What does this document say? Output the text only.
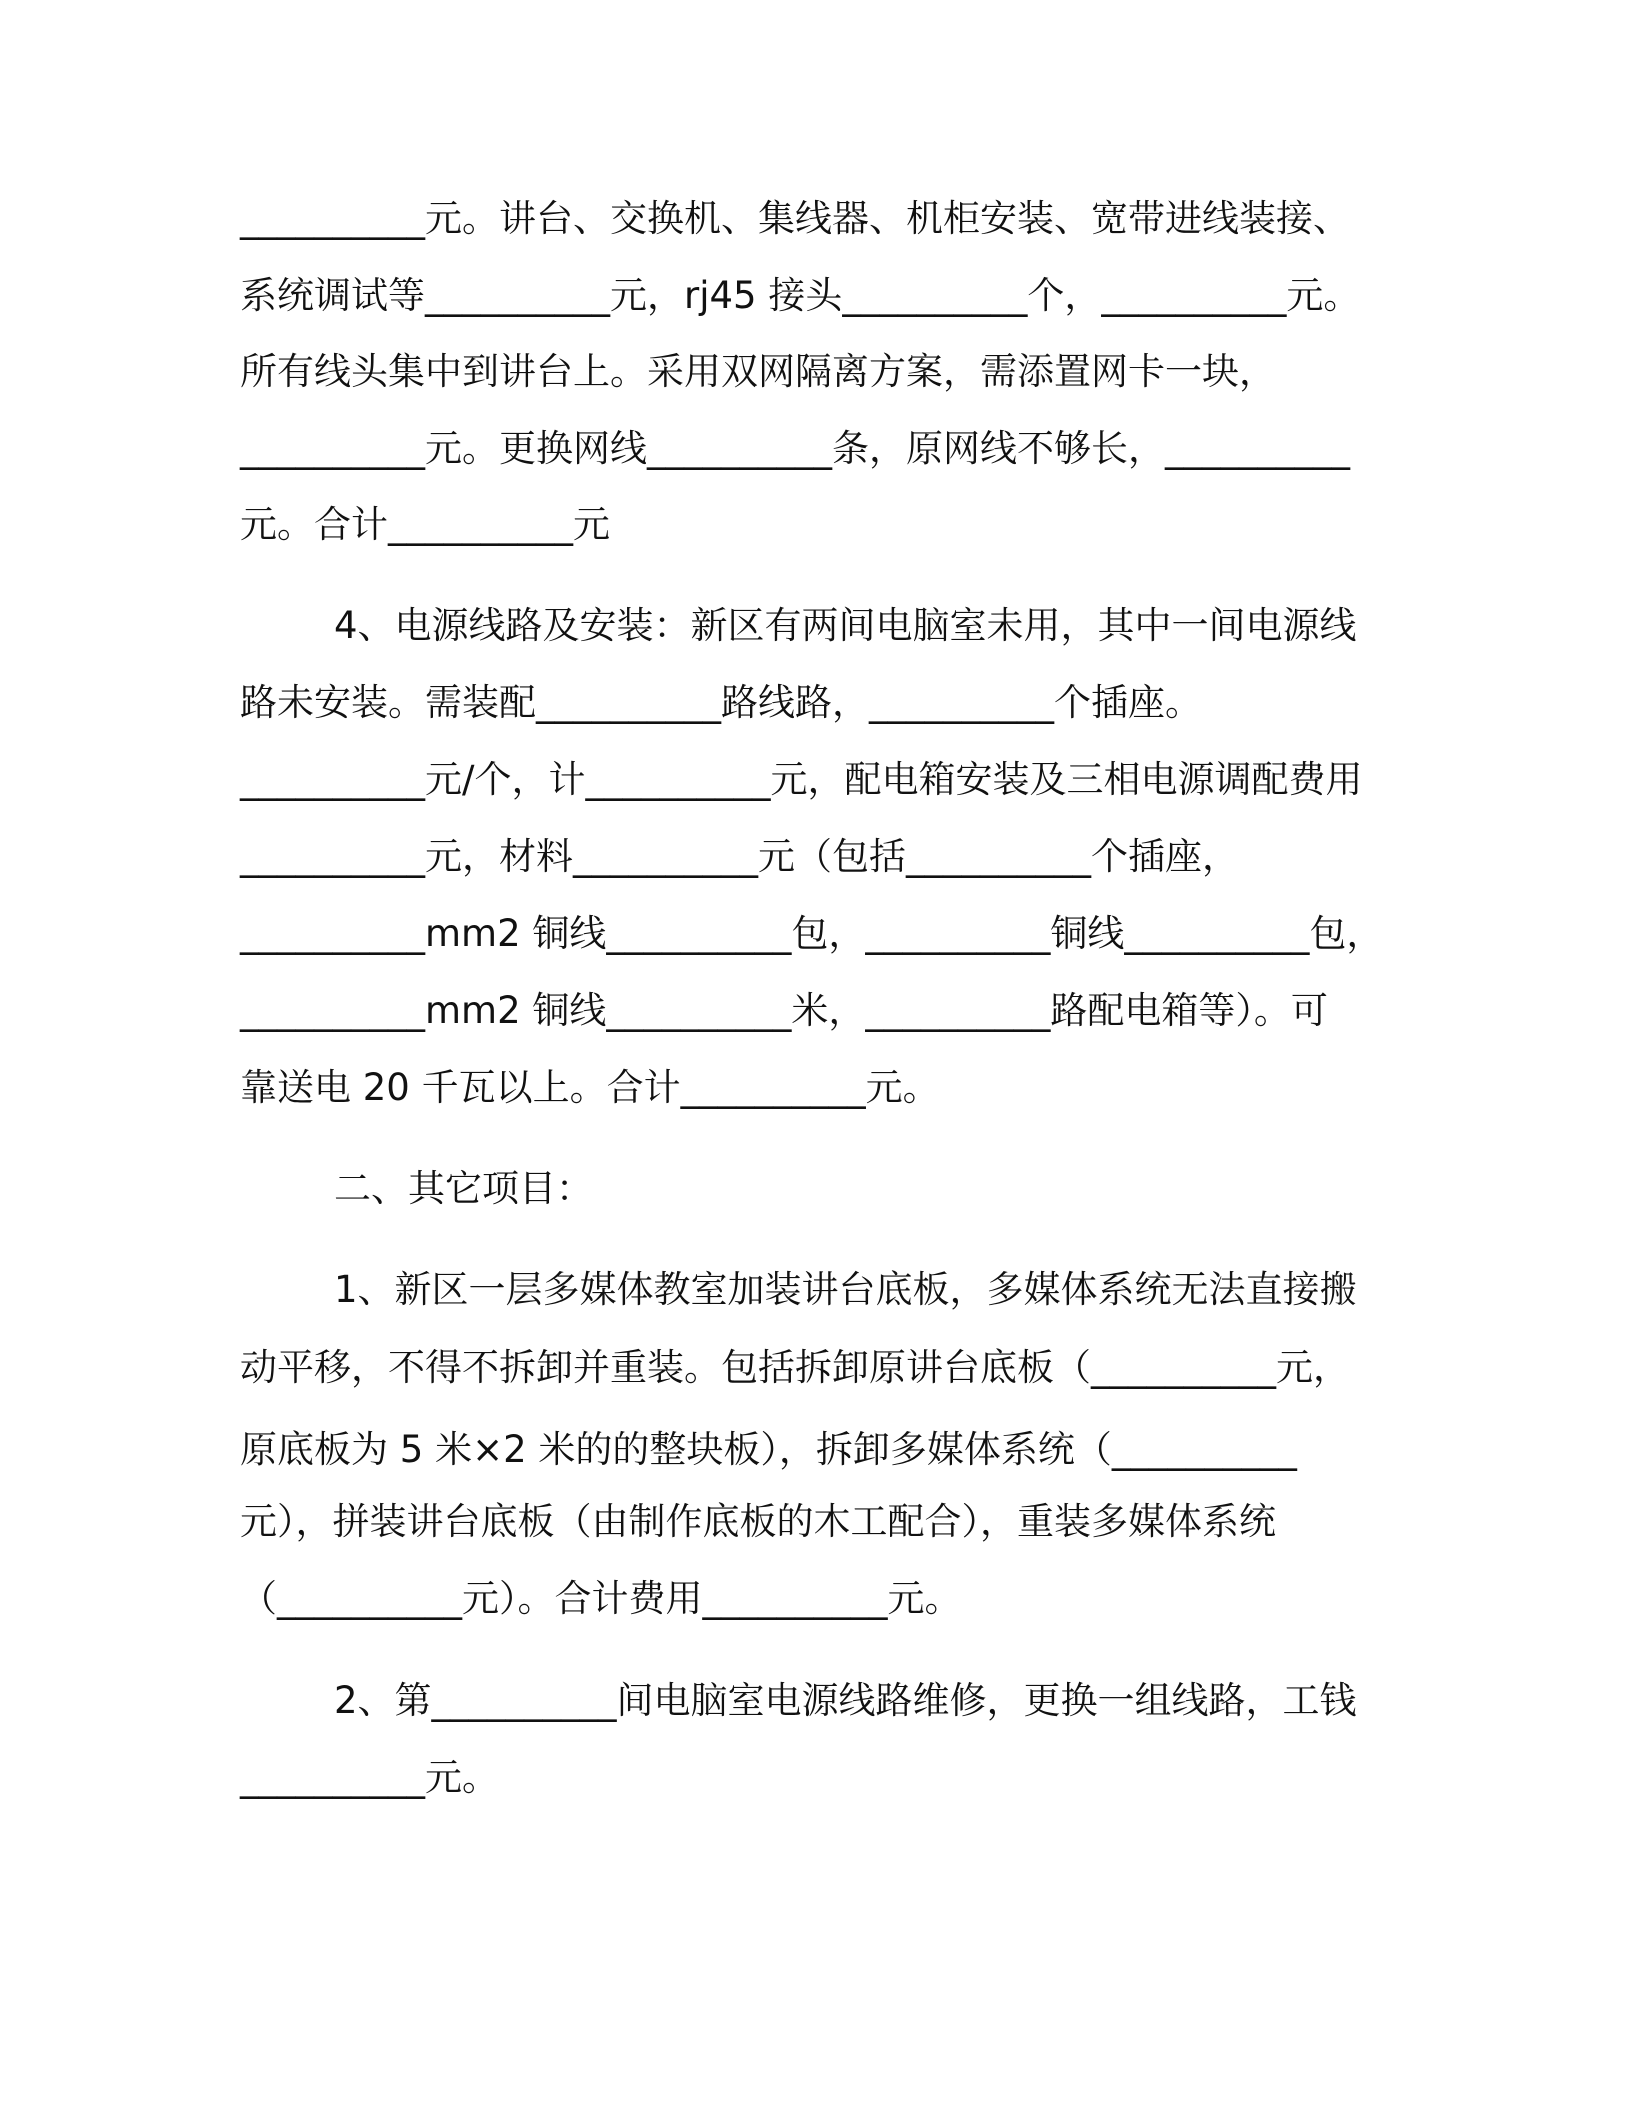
__________元。讲台、交换机、集线器、机柜安装、宽带进线装接、
系统调试等__________元，rj45 接头__________个，__________元。
所有线头集中到讲台上。采用双网隔离方案，需添置网卡一块，
__________元。更换网线__________条，原网线不够长，__________
元。合计__________元
4、电源线路及安装：新区有两间电脑室未用，其中一间电源线
路未安装。需装配__________路线路，__________个插座。
__________元/个，计__________元，配电箱安装及三相电源调配费用
__________元，材料__________元（包括__________个插座，
__________mm2 铜线__________包，__________铜线__________包，
__________mm2 铜线__________米，__________路配电箱等）。可
靠送电 20 千瓦以上。合计__________元。
二、其它项目：
1、新区一层多媒体教室加装讲台底板，多媒体系统无法直接搬
动平移，不得不拆卸并重装。包括拆卸原讲台底板（__________元，
原底板为 5 米×2 米的的整块板），拆卸多媒体系统（__________
元），拼装讲台底板（由制作底板的木工配合），重装多媒体系统
（__________元）。合计费用__________元。
2、第__________间电脑室电源线路维修，更换一组线路，工钱
__________元。
